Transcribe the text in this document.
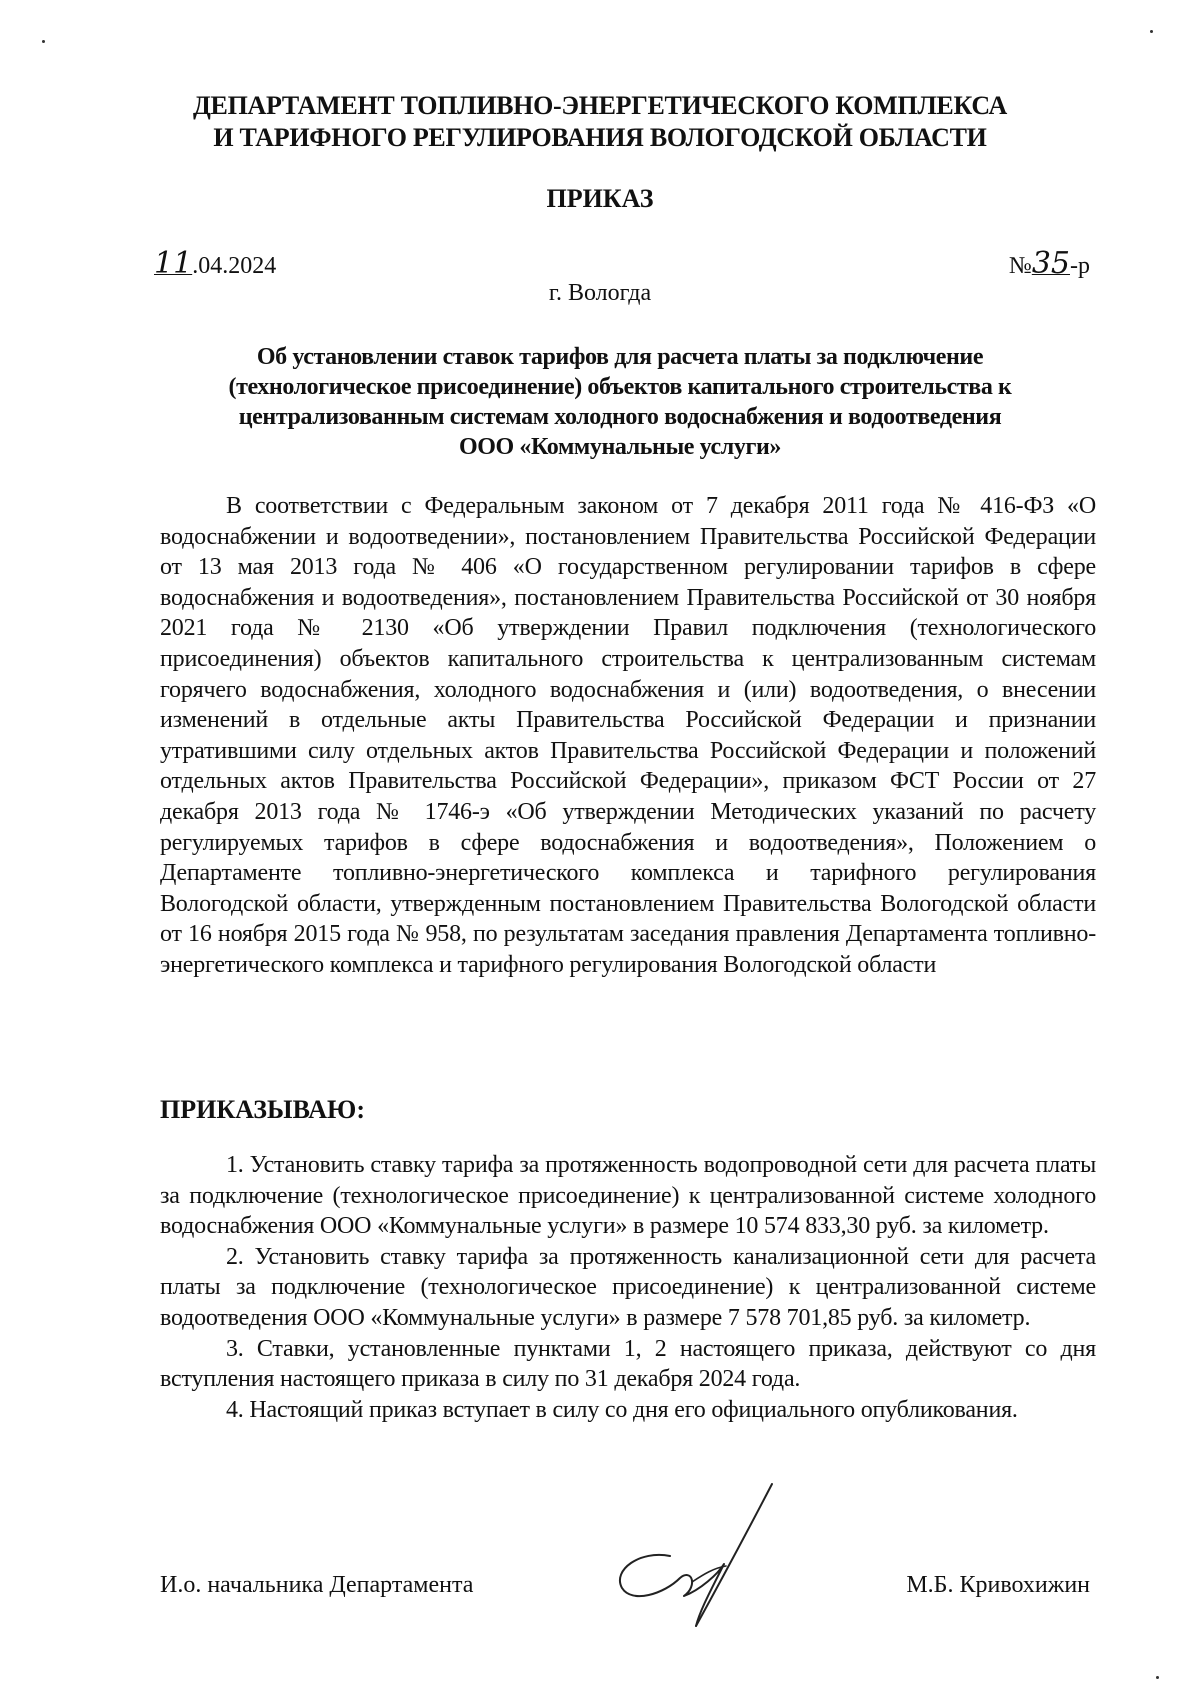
ДЕПАРТАМЕНТ ТОПЛИВНО-ЭНЕРГЕТИЧЕСКОГО КОМПЛЕКСА
И ТАРИФНОГО РЕГУЛИРОВАНИЯ ВОЛОГОДСКОЙ ОБЛАСТИ
ПРИКАЗ
11.04.2024	№35-р
г. Вологда
Об установлении ставок тарифов для расчета платы за подключение
(технологическое присоединение) объектов капитального строительства к
централизованным системам холодного водоснабжения и водоотведения
ООО «Коммунальные услуги»
В соответствии с Федеральным законом от 7 декабря 2011 года № 416-ФЗ «О водоснабжении и водоотведении», постановлением Правительства Российской Федерации от 13 мая 2013 года № 406 «О государственном регулировании тарифов в сфере водоснабжения и водоотведения», постановлением Правительства Российской от 30 ноября 2021 года № 2130 «Об утверждении Правил подключения (технологического присоединения) объектов капитального строительства к централизованным системам горячего водоснабжения, холодного водоснабжения и (или) водоотведения, о внесении изменений в отдельные акты Правительства Российской Федерации и признании утратившими силу отдельных актов Правительства Российской Федерации и положений отдельных актов Правительства Российской Федерации», приказом ФСТ России от 27 декабря 2013 года № 1746-э «Об утверждении Методических указаний по расчету регулируемых тарифов в сфере водоснабжения и водоотведения», Положением о Департаменте топливно-энергетического комплекса и тарифного регулирования Вологодской области, утвержденным постановлением Правительства Вологодской области от 16 ноября 2015 года № 958, по результатам заседания правления Департамента топливно-энергетического комплекса и тарифного регулирования Вологодской области
ПРИКАЗЫВАЮ:

1. Установить ставку тарифа за протяженность водопроводной сети для расчета платы за подключение (технологическое присоединение) к централизованной системе холодного водоснабжения ООО «Коммунальные услуги» в размере 10 574 833,30 руб. за километр.

2. Установить ставку тарифа за протяженность канализационной сети для расчета платы за подключение (технологическое присоединение) к централизованной системе водоотведения ООО «Коммунальные услуги» в размере 7 578 701,85 руб. за километр.

3. Ставки, установленные пунктами 1, 2 настоящего приказа, действуют со дня вступления настоящего приказа в силу по 31 декабря 2024 года.

4. Настоящий приказ вступает в силу со дня его официального опубликования.

И.о. начальника Департамента	М.Б. Кривохижин
